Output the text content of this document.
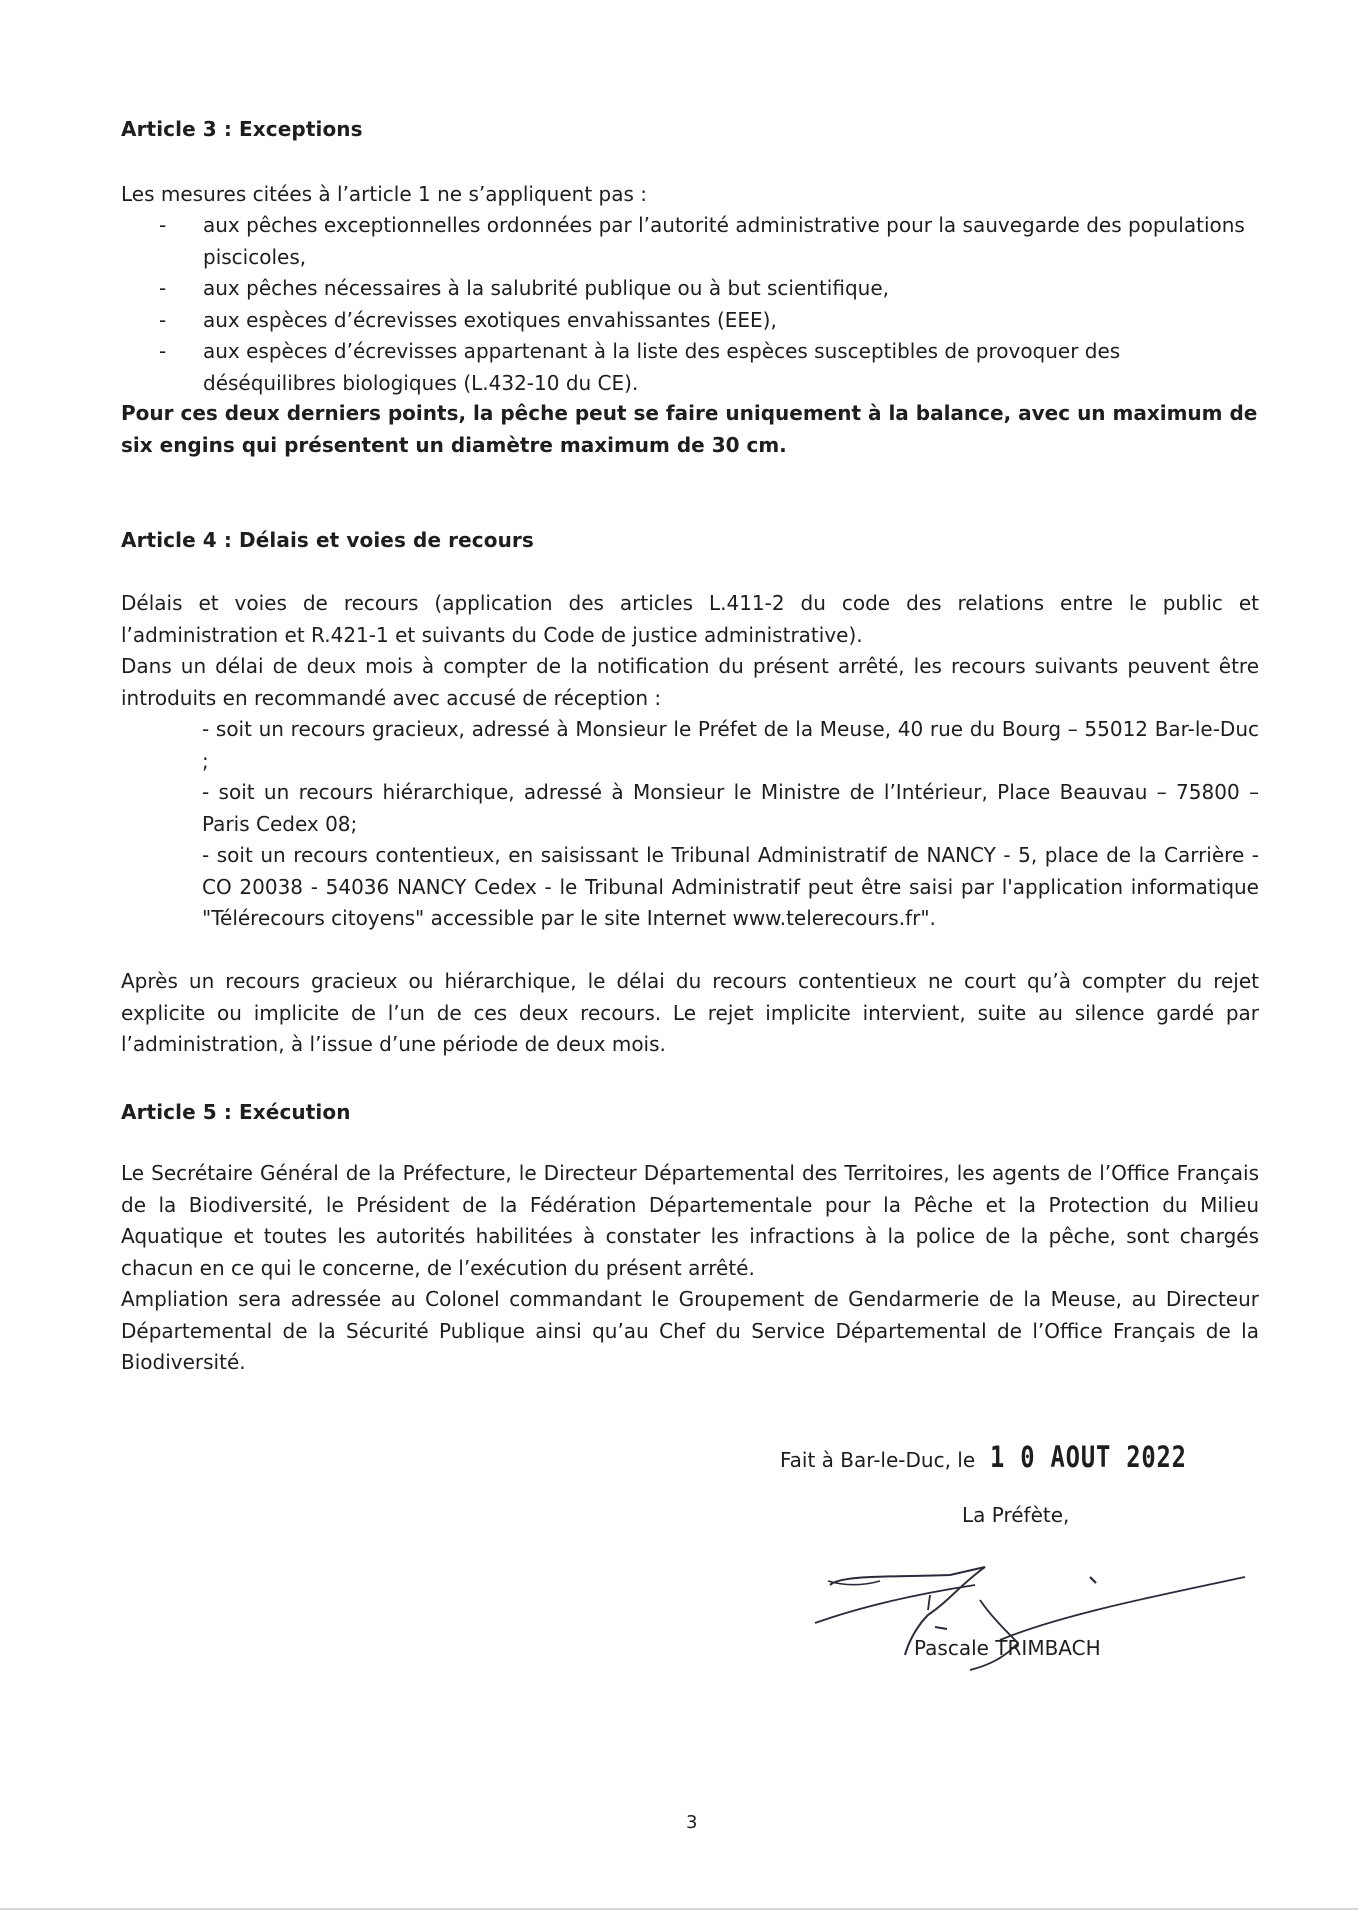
Article 3 : Exceptions

Les mesures citées à l’article 1 ne s’appliquent pas :

- aux pêches exceptionnelles ordonnées par l’autorité administrative pour la sauvegarde des populations piscicoles,
- aux pêches nécessaires à la salubrité publique ou à but scientifique,
- aux espèces d’écrevisses exotiques envahissantes (EEE),
- aux espèces d’écrevisses appartenant à la liste des espèces susceptibles de provoquer des déséquilibres biologiques (L.432-10 du CE).

Pour ces deux derniers points, la pêche peut se faire uniquement à la balance, avec un maximum de six engins qui présentent un diamètre maximum de 30 cm.

Article 4 : Délais et voies de recours

Délais et voies de recours (application des articles L.411-2 du code des relations entre le public et l’administration et R.421-1 et suivants du Code de justice administrative).

Dans un délai de deux mois à compter de la notification du présent arrêté, les recours suivants peuvent être introduits en recommandé avec accusé de réception :

- soit un recours gracieux, adressé à Monsieur le Préfet de la Meuse, 40 rue du Bourg – 55012 Bar-le-Duc ;
- soit un recours hiérarchique, adressé à Monsieur le Ministre de l’Intérieur, Place Beauvau – 75800 – Paris Cedex 08;
- soit un recours contentieux, en saisissant le Tribunal Administratif de NANCY - 5, place de la Carrière - CO 20038 - 54036 NANCY Cedex - le Tribunal Administratif peut être saisi par l'application informatique "Télérecours citoyens" accessible par le site Internet www.telerecours.fr".

Après un recours gracieux ou hiérarchique, le délai du recours contentieux ne court qu’à compter du rejet explicite ou implicite de l’un de ces deux recours. Le rejet implicite intervient, suite au silence gardé par l’administration, à l’issue d’une période de deux mois.

Article 5 : Exécution

Le Secrétaire Général de la Préfecture, le Directeur Départemental des Territoires, les agents de l’Office Français de la Biodiversité, le Président de la Fédération Départementale pour la Pêche et la Protection du Milieu Aquatique et toutes les autorités habilitées à constater les infractions à la police de la pêche, sont chargés chacun en ce qui le concerne, de l’exécution du présent arrêté.

Ampliation sera adressée au Colonel commandant le Groupement de Gendarmerie de la Meuse, au Directeur Départemental de la Sécurité Publique ainsi qu’au Chef du Service Départemental de l’Office Français de la Biodiversité.

Fait à Bar-le-Duc, le 1 0 AOUT 2022
La Préfète,
Pascale TRIMBACH
3
